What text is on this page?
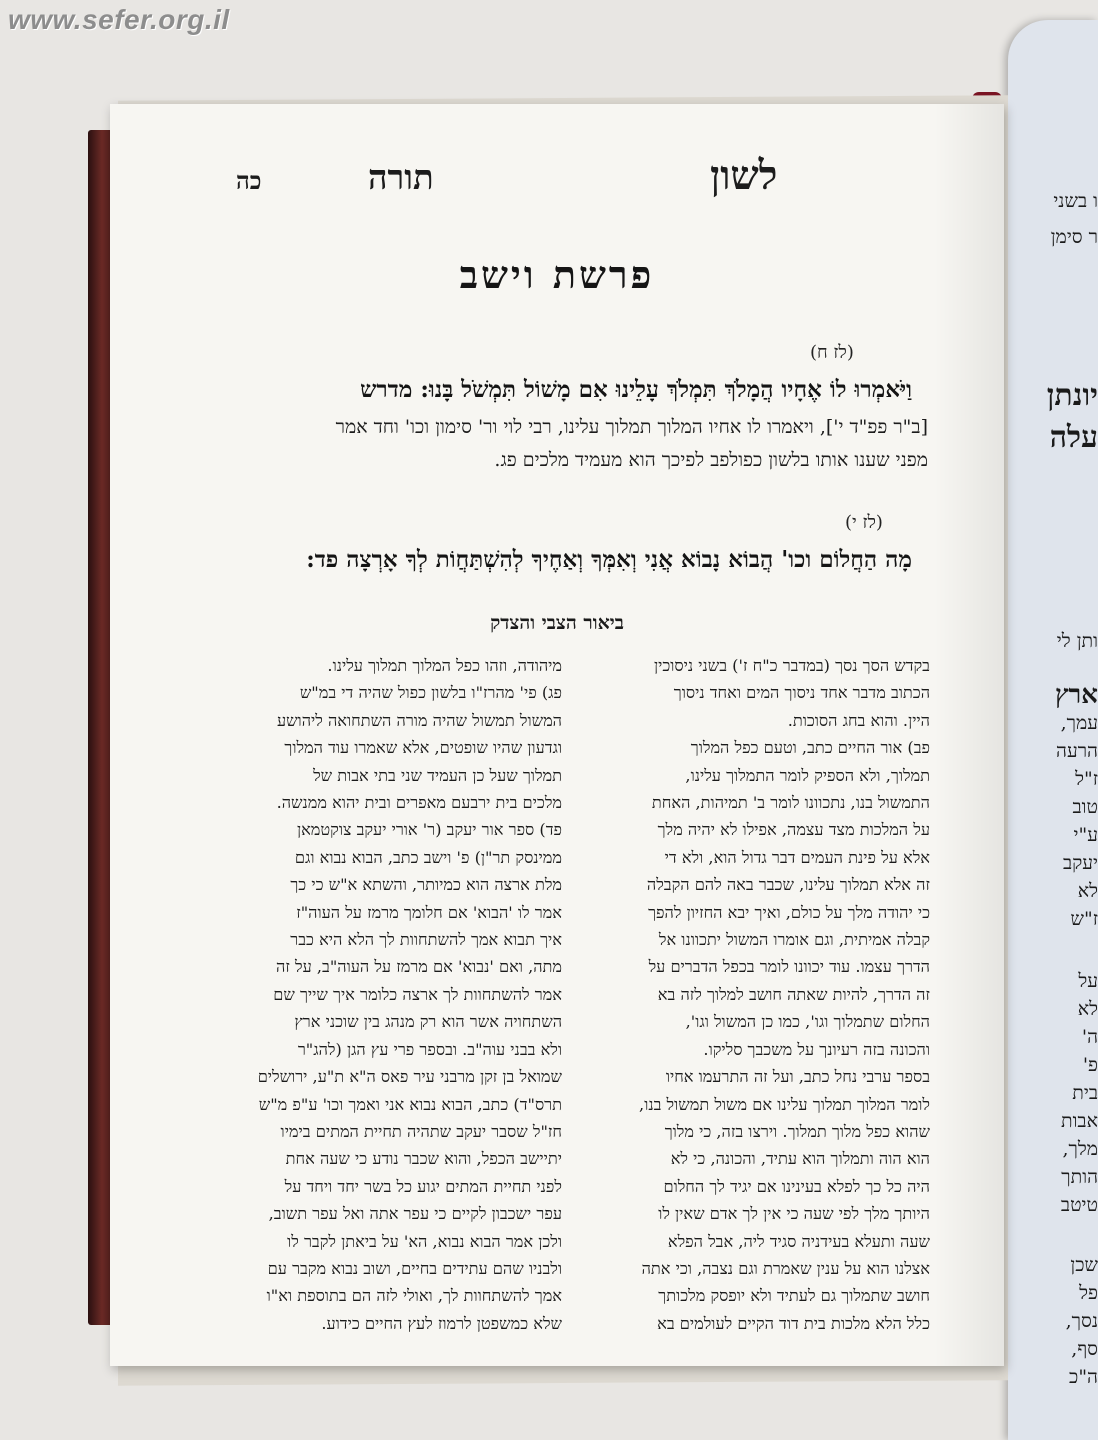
www.sefer.org.il
ו בשני
ר סימן
יונתן
עלה
ותן לי
ארץ
עמך,
הרעה
ז"ל
טוב
ע"י
יעקב
לא
ז"ש
על
לא
ה'
פ'
בית
אבות
מלך,
הותך
טיטב
שכן
פל
נסך,
סף,
ה"כ
לשון
תורה
כה
פרשת וישב
(לז ח)
וַיֹּאמְרוּ לוֹ אֶחָיו הֲמָלֹךְ תִּמְלֹךְ עָלֵינוּ אִם מָשׁוֹל תִּמְשֹׁל בָּנוּ: מדרש
[ב"ר פפ"ד י'], ויאמרו לו אחיו המלוך תמלוך עלינו, רבי לוי ור' סימון וכו' וחד אמר
מפני שענו אותו בלשון כפולפב לפיכך הוא מעמיד מלכים פג.
(לז י)
מָה הַחֲלוֹם וכו' הֲבוֹא נָבוֹא אֲנִי וְאִמְּךָ וְאַחֶיךָ לְהִשְׁתַּחֲוֹת לְךָ אָרְצָה פד:
ביאור הצבי והצדק

בקדש הסך נסך (במדבר כ"ח ז') בשני ניסוכין

הכתוב מדבר אחד ניסוך המים ואחד ניסוך

היין. והוא בחג הסוכות.

פב) אור החיים כתב, וטעם כפל המלוך

תמלוך, ולא הספיק לומר התמלוך עלינו,

התמשול בנו, נתכוונו לומר ב' תמיהות, האחת

על המלכות מצד עצמה, אפילו לא יהיה מלך

אלא על פינת העמים דבר גדול הוא, ולא די

זה אלא תמלוך עלינו, שכבר באה להם הקבלה

כי יהודה מלך על כולם, ואיך יבא החזיון להפך

קבלה אמיתית, וגם אומרו המשול יתכוונו אל

הדרך עצמו. עוד יכוונו לומר בכפל הדברים על

זה הדרך, להיות שאתה חושב למלוך לזה בא

החלום שתמלוך וגו', כמו כן המשול וגו',

והכונה בזה רעיונך על משכבך סליקו.

בספר ערבי נחל כתב, ועל זה התרעמו אחיו

לומר המלוך תמלוך עלינו אם משול תמשול בנו,

שהוא כפל מלוך תמלוך. וירצו בזה, כי מלוך

הוא הוה ותמלוך הוא עתיד, והכונה, כי לא

היה כל כך לפלא בעינינו אם יגיד לך החלום

היותך מלך לפי שעה כי אין לך אדם שאין לו

שעה ותעלא בעידניה סגיד ליה, אבל הפלא

אצלנו הוא על ענין שאמרת וגם נצבה, וכי אתה

חושב שתמלוך גם לעתיד ולא יופסק מלכותך

כלל הלא מלכות בית דוד הקיים לעולמים בא

מיהודה, וזהו כפל המלוך תמלוך עלינו.

פג) פי' מהרז"ו בלשון כפול שהיה די במ"ש

המשול תמשול שהיה מורה השתחואה ליהושע

וגדעון שהיו שופטים, אלא שאמרו עוד המלוך

תמלוך שעל כן העמיד שני בתי אבות של

מלכים בית ירבעם מאפרים ובית יהוא ממנשה.

פד) ספר אור יעקב (ר' אורי יעקב צוקטמאן

ממינסק תר"ן) פ' וישב כתב, הבוא נבוא וגם

מלת ארצה הוא כמיותר, והשתא א"ש כי כך

אמר לו 'הבוא' אם חלומך מרמז על העוה"ז

איך תבוא אמך להשתחוות לך הלא היא כבר

מתה, ואם 'נבוא' אם מרמז על העוה"ב, על זה

אמר להשתחוות לך ארצה כלומר איך שייך שם

השתחויה אשר הוא רק מנהג בין שוכני ארץ

ולא בבני עוה"ב. ובספר פרי עץ הגן (להג"ר

שמואל בן זקן מרבני עיר פאס ה"א ת"ע, ירושלים

תרס"ד) כתב, הבוא נבוא אני ואמך וכו' ע"פ מ"ש

חז"ל שסבר יעקב שתהיה תחיית המתים בימיו

יתיישב הכפל, והוא שכבר נודע כי שעה אחת

לפני תחיית המתים יגוע כל בשר יחד ויחד על

עפר ישכבון לקיים כי עפר אתה ואל עפר תשוב,

ולכן אמר הבוא נבוא, הא' על ביאתן לקבר לו

ולבניו שהם עתידים בחיים, ושוב נבוא מקבר עם

אמך להשתחוות לך, ואולי לזה הם בתוספת וא"ו

שלא כמשפטן לרמוז לעץ החיים כידוע.
